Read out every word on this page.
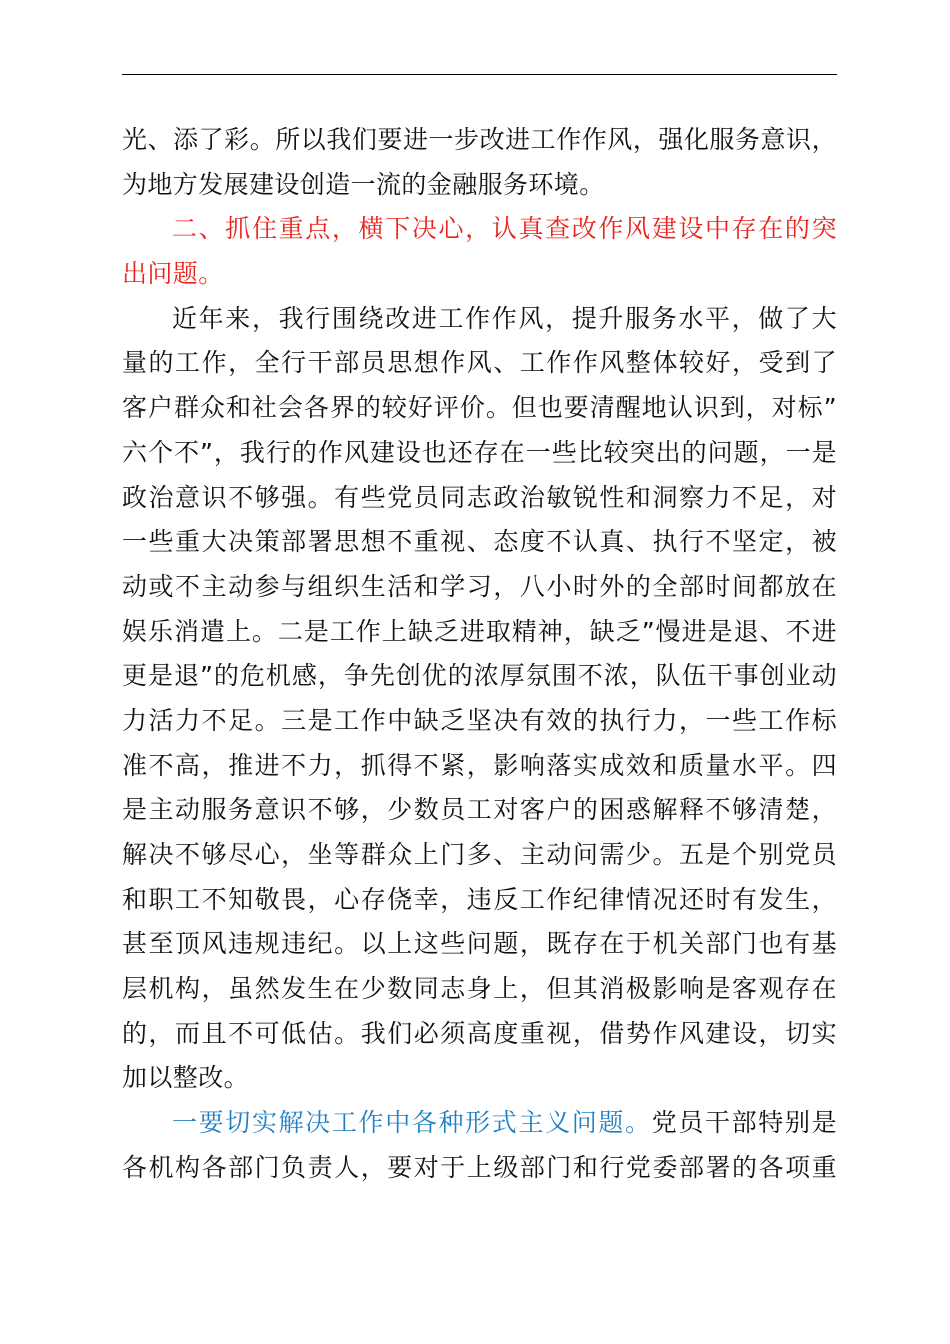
光、添了彩。所以我们要进一步改进工作作风，强化服务意识，
为地方发展建设创造一流的金融服务环境。
二、抓住重点，横下决心，认真查改作风建设中存在的突
出问题。
近年来，我行围绕改进工作作风，提升服务水平，做了大
量的工作，全行干部员思想作风、工作作风整体较好，受到了
客户群众和社会各界的较好评价。但也要清醒地认识到，对标”
六个不”，我行的作风建设也还存在一些比较突出的问题，一是
政治意识不够强。有些党员同志政治敏锐性和洞察力不足，对
一些重大决策部署思想不重视、态度不认真、执行不坚定，被
动或不主动参与组织生活和学习，八小时外的全部时间都放在
娱乐消遣上。二是工作上缺乏进取精神，缺乏”慢进是退、不进
更是退”的危机感，争先创优的浓厚氛围不浓，队伍干事创业动
力活力不足。三是工作中缺乏坚决有效的执行力，一些工作标
准不高，推进不力，抓得不紧，影响落实成效和质量水平。四
是主动服务意识不够，少数员工对客户的困惑解释不够清楚，
解决不够尽心，坐等群众上门多、主动问需少。五是个别党员
和职工不知敬畏，心存侥幸，违反工作纪律情况还时有发生，
甚至顶风违规违纪。以上这些问题，既存在于机关部门也有基
层机构，虽然发生在少数同志身上，但其消极影响是客观存在
的，而且不可低估。我们必须高度重视，借势作风建设，切实
加以整改。
一要切实解决工作中各种形式主义问题。党员干部特别是
各机构各部门负责人，要对于上级部门和行党委部署的各项重
